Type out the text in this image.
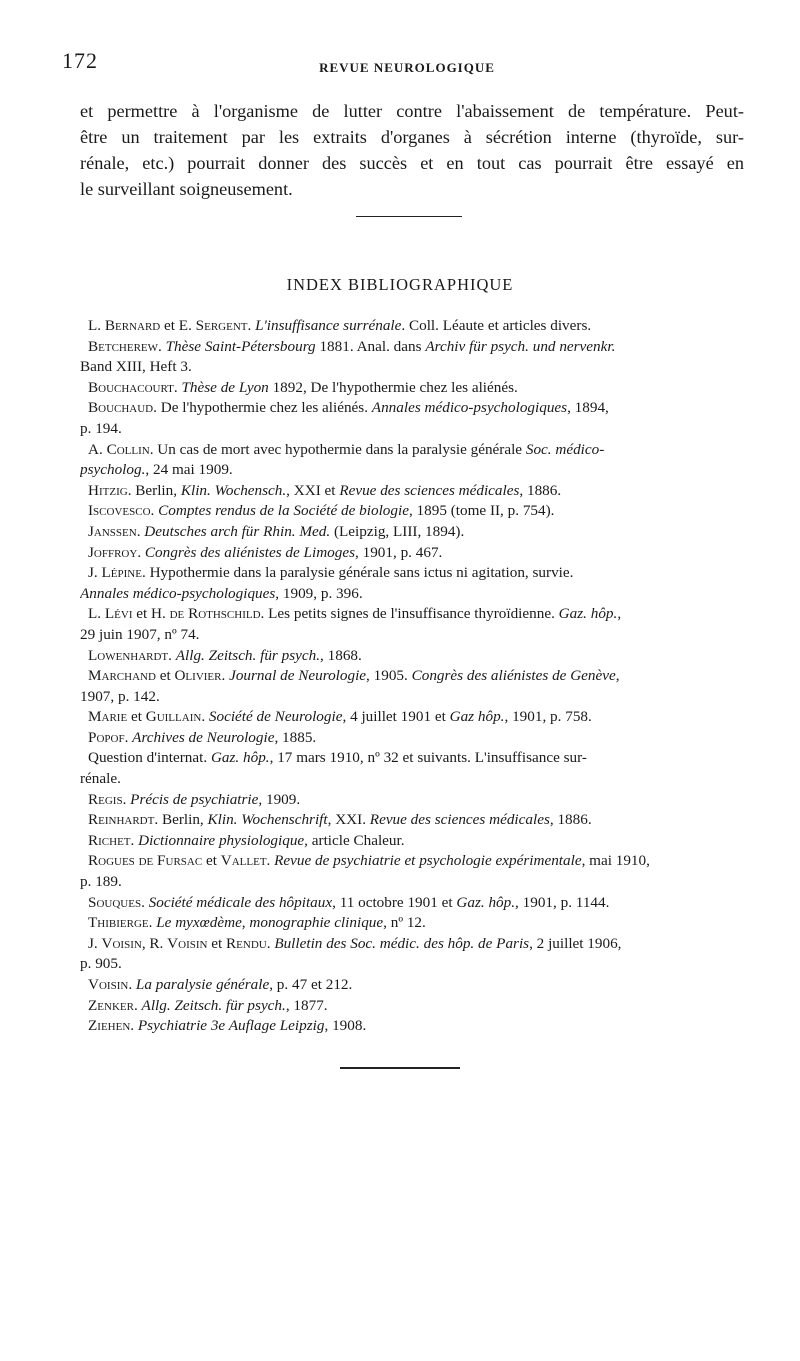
172	REVUE NEUROLOGIQUE

et permettre à l'organisme de lutter contre l'abaissement de température. Peut-
être un traitement par les extraits d'organes à sécrétion interne (thyroïde, sur-
rénale, etc.) pourrait donner des succès et en tout cas pourrait être essayé en
le surveillant soigneusement.

INDEX BIBLIOGRAPHIQUE
L. Bernard et E. Sergent. L'insuffisance surrénale. Coll. Léaute et articles divers.
Betcherew. Thèse Saint-Pétersbourg 1881. Anal. dans Archiv für psych. und nervenkr.
Band XIII, Heft 3.
Bouchacourt. Thèse de Lyon 1892, De l'hypothermie chez les aliénés.
Bouchaud. De l'hypothermie chez les aliénés. Annales médico-psychologiques, 1894,
p. 194.
A. Collin. Un cas de mort avec hypothermie dans la paralysie générale Soc. médico-
psycholog., 24 mai 1909.
Hitzig. Berlin, Klin. Wochensch., XXI et Revue des sciences médicales, 1886.
Iscovesco. Comptes rendus de la Société de biologie, 1895 (tome II, p. 754).
Janssen. Deutsches arch für Rhin. Med. (Leipzig, LIII, 1894).
Joffroy. Congrès des aliénistes de Limoges, 1901, p. 467.
J. Lépine. Hypothermie dans la paralysie générale sans ictus ni agitation, survie.
Annales médico-psychologiques, 1909, p. 396.
L. Lévi et H. de Rothschild. Les petits signes de l'insuffisance thyroïdienne. Gaz. hôp.,
29 juin 1907, nº 74.
Lowenhardt. Allg. Zeitsch. für psych., 1868.
Marchand et Olivier. Journal de Neurologie, 1905. Congrès des aliénistes de Genève,
1907, p. 142.
Marie et Guillain. Société de Neurologie, 4 juillet 1901 et Gaz hôp., 1901, p. 758.
Popof. Archives de Neurologie, 1885.
Question d'internat. Gaz. hôp., 17 mars 1910, nº 32 et suivants. L'insuffisance sur-
rénale.
Regis. Précis de psychiatrie, 1909.
Reinhardt. Berlin, Klin. Wochenschrift, XXI. Revue des sciences médicales, 1886.
Richet. Dictionnaire physiologique, article Chaleur.
Rogues de Fursac et Vallet. Revue de psychiatrie et psychologie expérimentale, mai 1910,
p. 189.
Souques. Société médicale des hôpitaux, 11 octobre 1901 et Gaz. hôp., 1901, p. 1144.
Thibierge. Le myxœdème, monographie clinique, nº 12.
J. Voisin, R. Voisin et Rendu. Bulletin des Soc. médic. des hôp. de Paris, 2 juillet 1906,
p. 905.
Voisin. La paralysie générale, p. 47 et 212.
Zenker. Allg. Zeitsch. für psych., 1877.
Ziehen. Psychiatrie 3e Auflage Leipzig, 1908.
